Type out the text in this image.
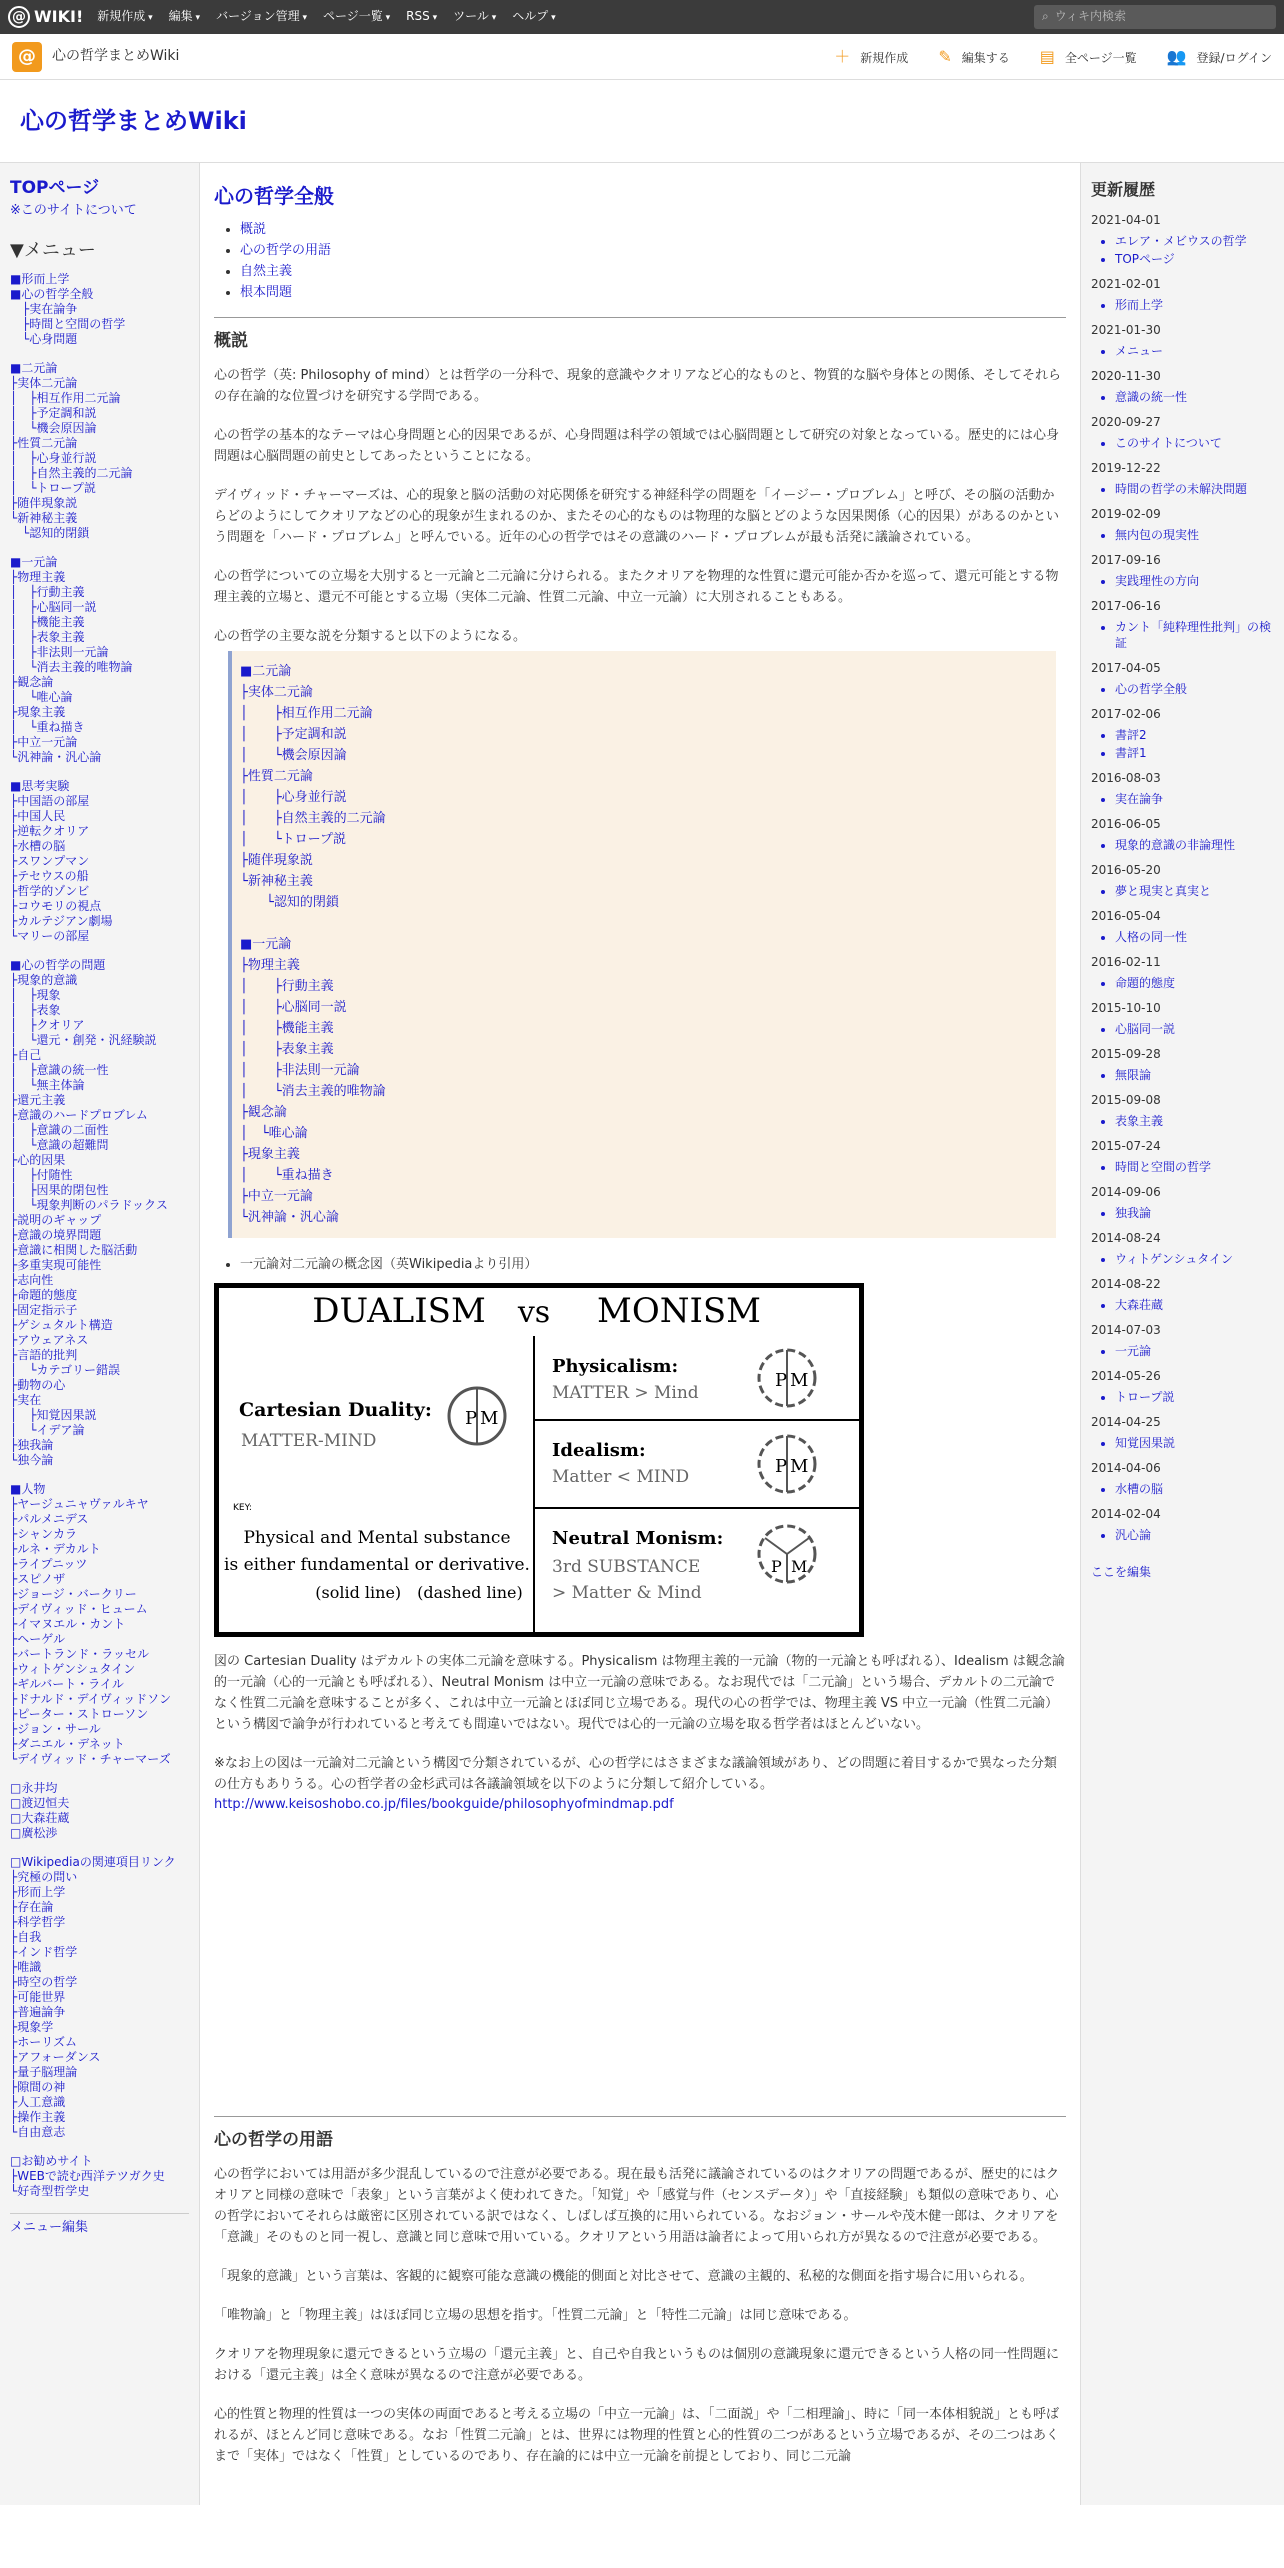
@ WIKI! 新規作成 ▾	編集 ▾	バージョン管理 ▾	ページ一覧 ▾	RSS ▾	ツール ▾	ヘルプ ▾	⌕ ウィキ内検索
@	心の哲学まとめWiki	＋ 新規作成 ✎ 編集する ▤ 全ページ一覧 👥 登録/ログイン
心の哲学まとめWiki
TOPページ
※このサイトについて
▼メニュー
■形而上学
■心の哲学全般
　├実在論争
　├時間と空間の哲学
　└心身問題
■二元論
├実体二元論
│　├相互作用二元論
│　├予定調和説
│　└機会原因論
├性質二元論
│　├心身並行説
│　├自然主義的二元論
│　└トロープ説
├随伴現象説
└新神秘主義
　└認知的閉鎖
■一元論
├物理主義
│　├行動主義
│　├心脳同一説
│　├機能主義
│　├表象主義
│　├非法則一元論
│　└消去主義的唯物論
├観念論
│　└唯心論
├現象主義
│　└重ね描き
├中立一元論
└汎神論・汎心論
■思考実験
├中国語の部屋
├中国人民
├逆転クオリア
├水槽の脳
├スワンプマン
├テセウスの船
├哲学的ゾンビ
├コウモリの視点
├カルテジアン劇場
└マリーの部屋
■心の哲学の問題
├現象的意識
│　├現象
│　├表象
│　├クオリア
│　└還元・創発・汎経験説
├自己
│　├意識の統一性
│　└無主体論
├還元主義
├意識のハードプロブレム
│　├意識の二面性
│　└意識の超難問
├心的因果
│　├付随性
│　├因果的閉包性
│　└現象判断のパラドックス
├説明のギャップ
├意識の境界問題
├意識に相関した脳活動
├多重実現可能性
├志向性
├命題的態度
├固定指示子
├ゲシュタルト構造
├アウェアネス
├言語的批判
│　└カテゴリー錯誤
├動物の心
├実在
│　├知覚因果説
│　└イデア論
├独我論
└独今論
■人物
├ヤージュニャヴァルキヤ
├パルメニデス
├シャンカラ
├ルネ・デカルト
├ライプニッツ
├スピノザ
├ジョージ・バークリー
├デイヴィッド・ヒューム
├イマヌエル・カント
├ヘーゲル
├バートランド・ラッセル
├ウィトゲンシュタイン
├ギルバート・ライル
├ドナルド・デイヴィッドソン
├ピーター・ストローソン
├ジョン・サール
├ダニエル・デネット
└デイヴィッド・チャーマーズ
□永井均
□渡辺恒夫
□大森荘蔵
□廣松渉
□Wikipediaの関連項目リンク
├究極の問い
├形而上学
├存在論
├科学哲学
├自我
├インド哲学
├唯識
├時空の哲学
├可能世界
├普遍論争
├現象学
├ホーリズム
├アフォーダンス
├量子脳理論
├隙間の神
├人工意識
├操作主義
└自由意志
□お勧めサイト
├WEBで読む西洋テツガク史
└好奇型哲学史
メニュー編集
心の哲学全般
• 概説
• 心の哲学の用語
• 自然主義
• 根本問題
概説

心の哲学（英: Philosophy of mind）とは哲学の一分科で、現象的意識やクオリアなど心的なものと、物質的な脳や身体との関係、そしてそれらの存在論的な位置づけを研究する学問である。

心の哲学の基本的なテーマは心身問題と心的因果であるが、心身問題は科学の領域では心脳問題として研究の対象となっている。歴史的には心身問題は心脳問題の前史としてあったということになる。

デイヴィッド・チャーマーズは、心的現象と脳の活動の対応関係を研究する神経科学の問題を「イージー・プロブレム」と呼び、その脳の活動からどのようにしてクオリアなどの心的現象が生まれるのか、またその心的なものは物理的な脳とどのような因果関係（心的因果）があるのかという問題を「ハード・プロブレム」と呼んでいる。近年の心の哲学ではその意識のハード・プロブレムが最も活発に議論されている。

心の哲学についての立場を大別すると一元論と二元論に分けられる。またクオリアを物理的な性質に還元可能か否かを巡って、還元可能とする物理主義的立場と、還元不可能とする立場（実体二元論、性質二元論、中立一元論）に大別されることもある。

心の哲学の主要な説を分類すると以下のようになる。

■二元論
├実体二元論
│　　├相互作用二元論
│　　├予定調和説
│　　└機会原因論
├性質二元論
│　　├心身並行説
│　　├自然主義的二元論
│　　└トロープ説
├随伴現象説
└新神秘主義
　　└認知的閉鎖
■一元論
├物理主義
│　　├行動主義
│　　├心脳同一説
│　　├機能主義
│　　├表象主義
│　　├非法則一元論
│　　└消去主義的唯物論
├観念論
│　└唯心論
├現象主義
│　　└重ね描き
├中立一元論
└汎神論・汎心論
• 一元論対二元論の概念図（英Wikipediaより引用）
DUALISM vs MONISM
Cartesian Duality:
MATTER-MIND
P M
KEY:
Physical and Mental substance
is either fundamental or derivative.
(solid line)　(dashed line)
Physicalism:
MATTER > Mind
P M
Idealism:
Matter < MIND	P M
Neutral Monism:
3rd SUBSTANCE
> Matter & Mind
P M

図の Cartesian Duality はデカルトの実体二元論を意味する。Physicalism は物理主義的一元論（物的一元論とも呼ばれる）、Idealism は観念論的一元論（心的一元論とも呼ばれる）、Neutral Monism は中立一元論の意味である。なお現代では「二元論」という場合、デカルトの二元論でなく性質二元論を意味することが多く、これは中立一元論とほぼ同じ立場である。現代の心の哲学では、物理主義 VS 中立一元論（性質二元論）という構図で論争が行われていると考えても間違いではない。現代では心的一元論の立場を取る哲学者はほとんどいない。

※なお上の図は一元論対二元論という構図で分類されているが、心の哲学にはさまざまな議論領域があり、どの問題に着目するかで異なった分類の仕方もありうる。心の哲学者の金杉武司は各議論領域を以下のように分類して紹介している。

http://www.keisoshobo.co.jp/files/bookguide/philosophyofmindmap.pdf
心の哲学の用語

心の哲学においては用語が多少混乱しているので注意が必要である。現在最も活発に議論されているのはクオリアの問題であるが、歴史的にはクオリアと同様の意味で「表象」という言葉がよく使われてきた。「知覚」や「感覚与件（センスデータ）」や「直接経験」も類似の意味であり、心の哲学においてそれらは厳密に区別されている訳ではなく、しばしば互換的に用いられている。なおジョン・サールや茂木健一郎は、クオリアを「意識」そのものと同一視し、意識と同じ意味で用いている。クオリアという用語は論者によって用いられ方が異なるので注意が必要である。

「現象的意識」という言葉は、客観的に観察可能な意識の機能的側面と対比させて、意識の主観的、私秘的な側面を指す場合に用いられる。

「唯物論」と「物理主義」はほぼ同じ立場の思想を指す。「性質二元論」と「特性二元論」は同じ意味である。

クオリアを物理現象に還元できるという立場の「還元主義」と、自己や自我というものは個別の意識現象に還元できるという人格の同一性問題における「還元主義」は全く意味が異なるので注意が必要である。

心的性質と物理的性質は一つの実体の両面であると考える立場の「中立一元論」は、「二面説」や「二相理論」、時に「同一本体相貌説」とも呼ばれるが、ほとんど同じ意味である。なお「性質二元論」とは、世界には物理的性質と心的性質の二つがあるという立場であるが、その二つはあくまで「実体」ではなく「性質」としているのであり、存在論的には中立一元論を前提としており、同じ二元論

更新履歴
2021-04-01
• エレア・メビウスの哲学
• TOPページ
2021-02-01
• 形而上学
2021-01-30
• メニュー
2020-11-30
• 意識の統一性
2020-09-27
• このサイトについて
2019-12-22
• 時間の哲学の未解決問題
2019-02-09
• 無内包の現実性
2017-09-16
• 実践理性の方向
2017-06-16
• カント「純粋理性批判」の検証
2017-04-05
• 心の哲学全般
2017-02-06
• 書評2
• 書評1
2016-08-03
• 実在論争
2016-06-05
• 現象的意識の非論理性
2016-05-20
• 夢と現実と真実と
2016-05-04
• 人格の同一性
2016-02-11
• 命題的態度
2015-10-10
• 心脳同一説
2015-09-28
• 無限論
2015-09-08
• 表象主義
2015-07-24
• 時間と空間の哲学
2014-09-06
• 独我論
2014-08-24
• ウィトゲンシュタイン
2014-08-22
• 大森荘蔵
2014-07-03
• 一元論
2014-05-26
• トロープ説
2014-04-25
• 知覚因果説
2014-04-06
• 水槽の脳
2014-02-04
• 汎心論
ここを編集
